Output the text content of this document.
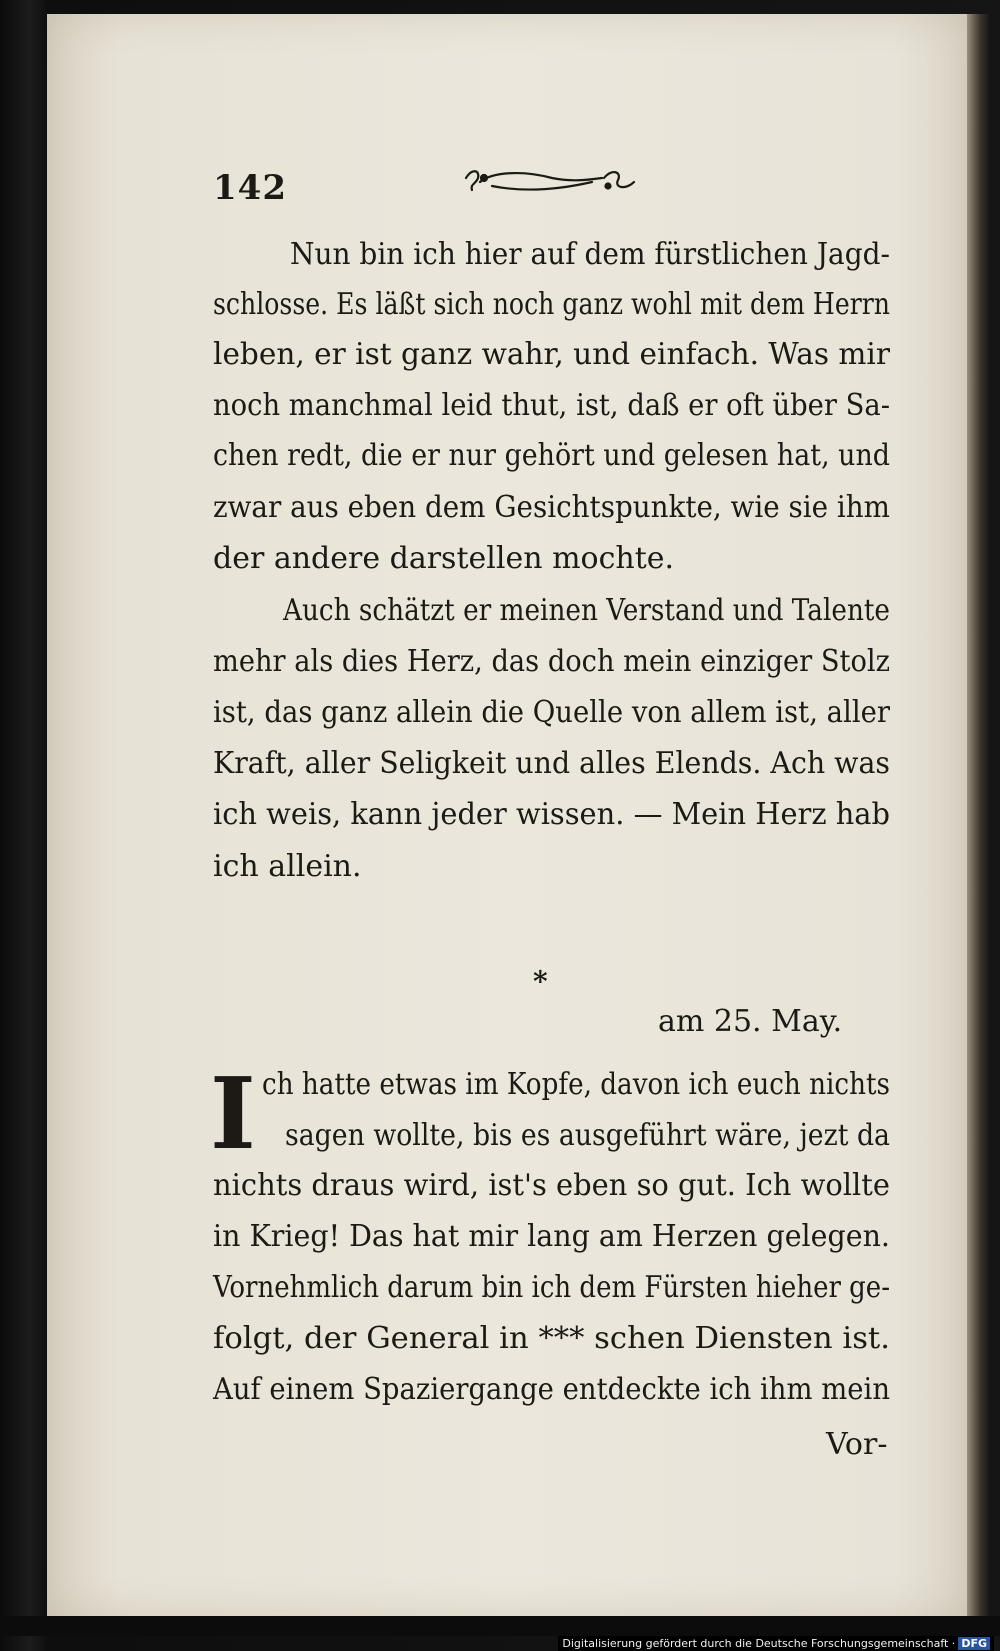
142
Nun bin ich hier auf dem fürstlichen Jagd-
schlosse. Es läßt sich noch ganz wohl mit dem Herrn
leben, er ist ganz wahr, und einfach. Was mir
noch manchmal leid thut, ist, daß er oft über Sa-
chen redt, die er nur gehört und gelesen hat, und
zwar aus eben dem Gesichtspunkte, wie sie ihm
der andere darstellen mochte.
Auch schätzt er meinen Verstand und Talente
mehr als dies Herz, das doch mein einziger Stolz
ist, das ganz allein die Quelle von allem ist, aller
Kraft, aller Seligkeit und alles Elends. Ach was
ich weis, kann jeder wissen. — Mein Herz hab
ich allein.
*
am 25. May.
I ch hatte etwas im Kopfe, davon ich euch nichts
sagen wollte, bis es ausgeführt wäre, jezt da
nichts draus wird, ist's eben so gut. Ich wollte
in Krieg! Das hat mir lang am Herzen gelegen.
Vornehmlich darum bin ich dem Fürsten hieher ge-
folgt, der General in *** schen Diensten ist.
Auf einem Spaziergange entdeckte ich ihm mein
Vor-
Digitalisierung gefördert durch die Deutsche Forschungsgemeinschaft · DFG
